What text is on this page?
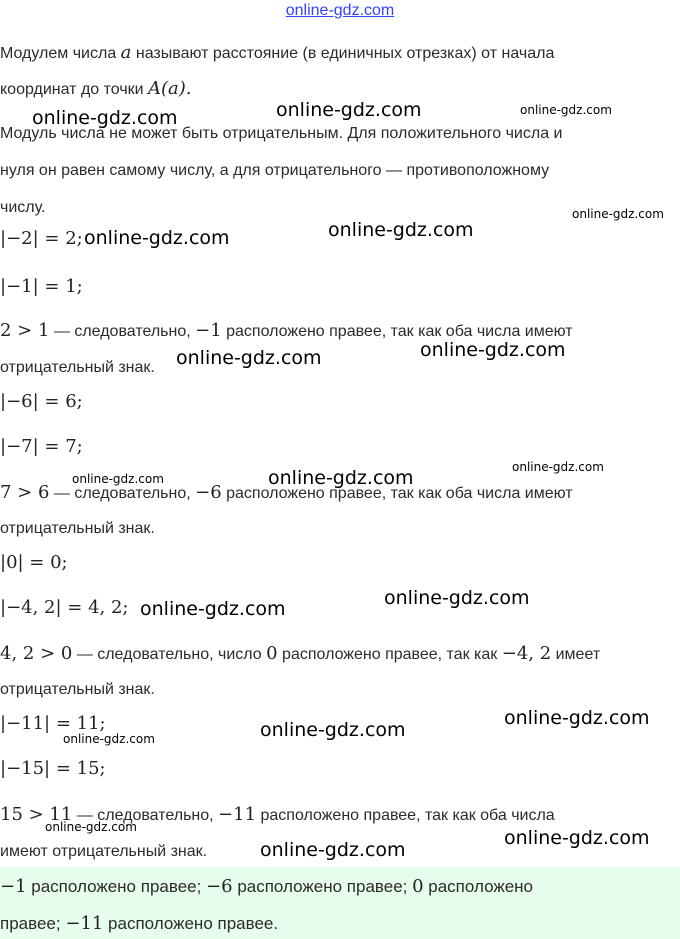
online-gdz.com
Модулем числа a называют расстояние (в единичных отрезках) от начала
координат до точки A(a).
Модуль числа не может быть отрицательным. Для положительного числа и
нуля он равен самому числу, а для отрицательного — противоположному
числу.
|−2| = 2;
|−1| = 1;
2 > 1 — следовательно, −1 расположено правее, так как оба числа имеют
отрицательный знак.
|−6| = 6;
|−7| = 7;
7 > 6 — следовательно, −6 расположено правее, так как оба числа имеют
отрицательный знак.
|0| = 0;
|−4, 2| = 4, 2;
4, 2 > 0 — следовательно, число 0 расположено правее, так как −4, 2 имеет
отрицательный знак.
|−11| = 11;
|−15| = 15;
15 > 11 — следовательно, −11 расположено правее, так как оба числа
имеют отрицательный знак.
−1 расположено правее; −6 расположено правее; 0 расположено
правее; −11 расположено правее.
online-gdz.com	online-gdz.com	online-gdz.com
online-gdz.com
online-gdz.com	online-gdz.com
online-gdz.com	online-gdz.com
online-gdz.com	online-gdz.com	online-gdz.com
online-gdz.com	online-gdz.com
online-gdz.com
online-gdz.com
online-gdz.com
online-gdz.com	online-gdz.com
online-gdz.com
